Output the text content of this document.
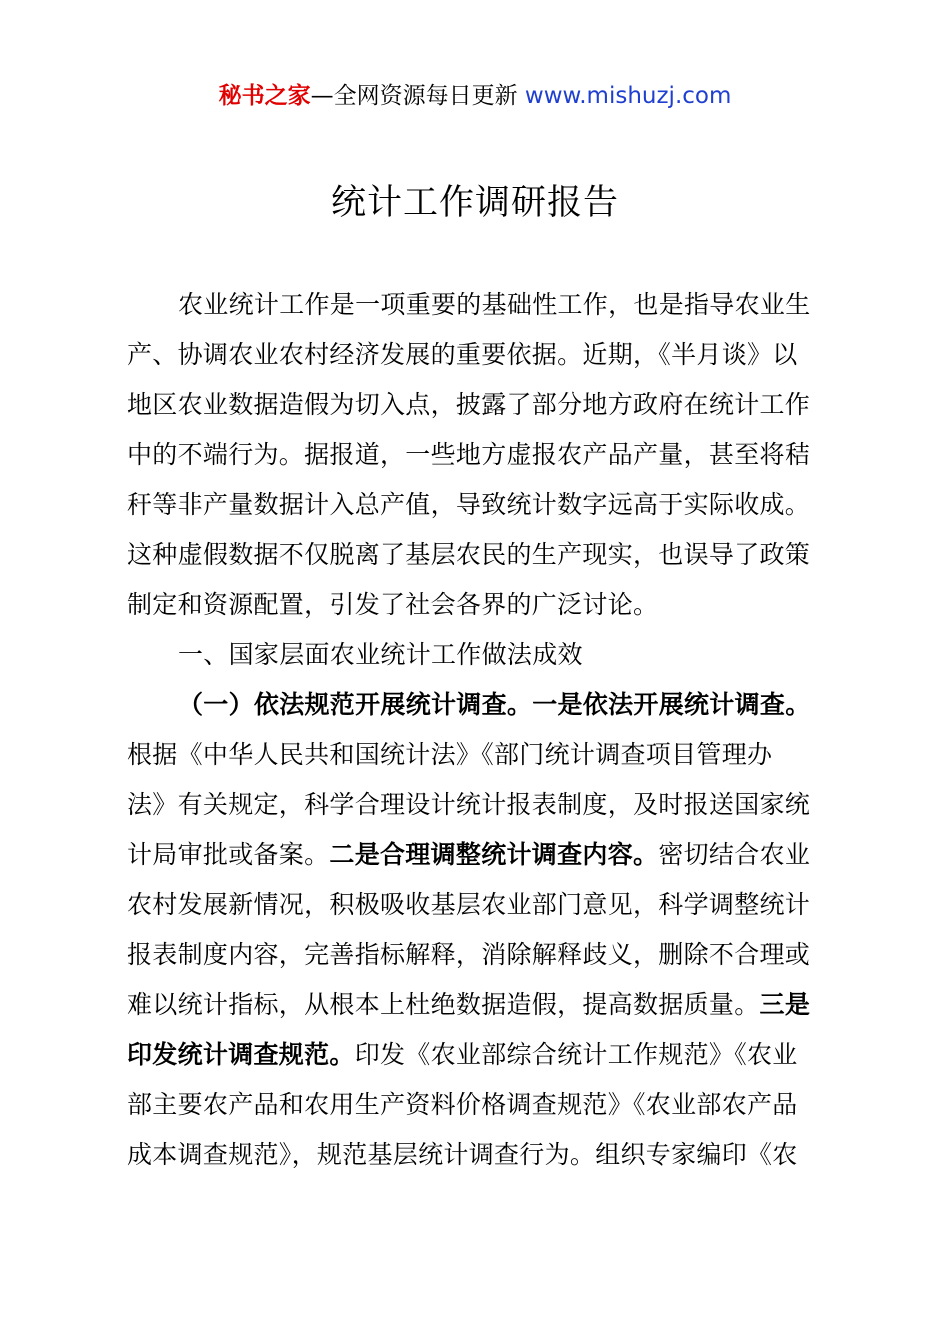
秘书之家—全网资源每日更新 www.mishuzj.com
统计工作调研报告
农业统计工作是一项重要的基础性工作，也是指导农业生
产、协调农业农村经济发展的重要依据。近期，《半月谈》以
地区农业数据造假为切入点，披露了部分地方政府在统计工作
中的不端行为。据报道，一些地方虚报农产品产量，甚至将秸
秆等非产量数据计入总产值，导致统计数字远高于实际收成。
这种虚假数据不仅脱离了基层农民的生产现实，也误导了政策
制定和资源配置，引发了社会各界的广泛讨论。
一、国家层面农业统计工作做法成效
（一）依法规范开展统计调查。一是依法开展统计调查。
根据《中华人民共和国统计法》《部门统计调查项目管理办
法》有关规定，科学合理设计统计报表制度，及时报送国家统
计局审批或备案。二是合理调整统计调查内容。密切结合农业
农村发展新情况，积极吸收基层农业部门意见，科学调整统计
报表制度内容，完善指标解释，消除解释歧义，删除不合理或
难以统计指标，从根本上杜绝数据造假，提高数据质量。三是
印发统计调查规范。印发《农业部综合统计工作规范》《农业
部主要农产品和农用生产资料价格调查规范》《农业部农产品
成本调查规范》，规范基层统计调查行为。组织专家编印《农
